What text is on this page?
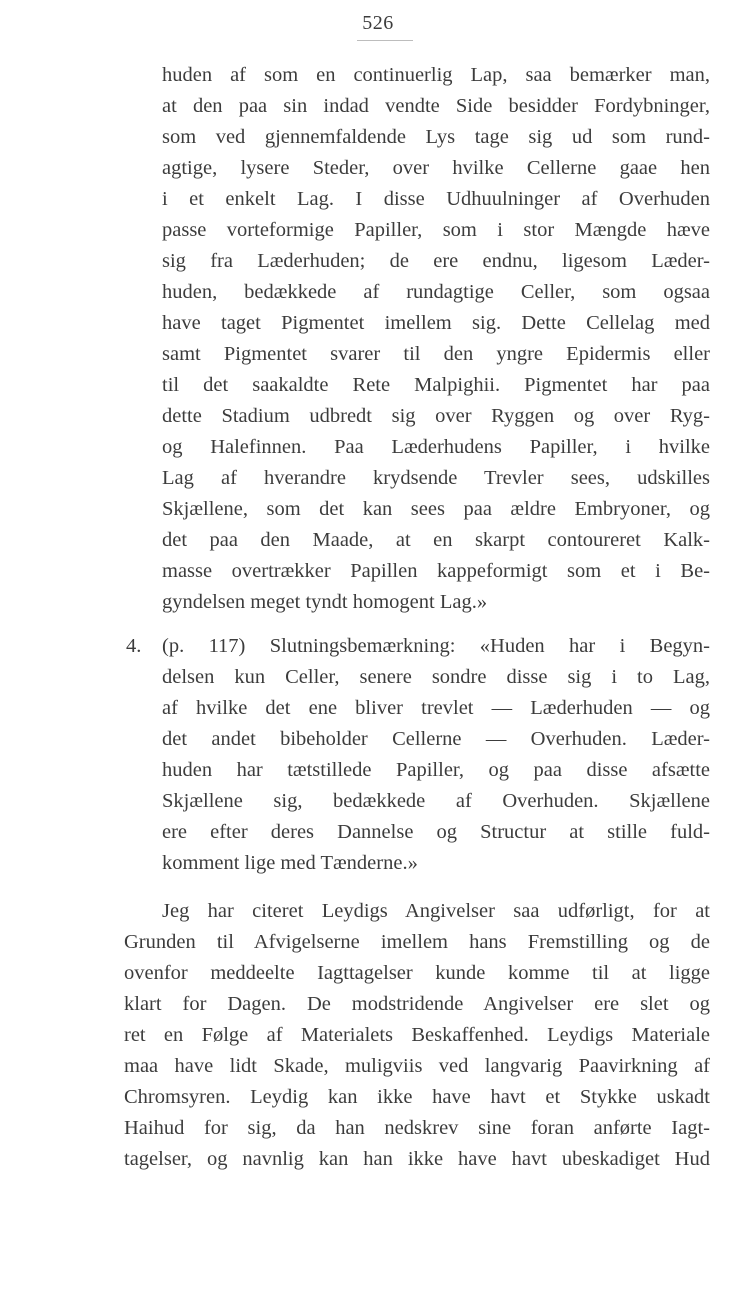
526
huden af som en continuerlig Lap, saa bemærker man,
at den paa sin indad vendte Side besidder Fordybninger,
som ved gjennemfaldende Lys tage sig ud som rund-
agtige, lysere Steder, over hvilke Cellerne gaae hen
i et enkelt Lag. I disse Udhuulninger af Overhuden
passe vorteformige Papiller, som i stor Mængde hæve
sig fra Læderhuden; de ere endnu, ligesom Læder-
huden, bedækkede af rundagtige Celler, som ogsaa
have taget Pigmentet imellem sig. Dette Cellelag med
samt Pigmentet svarer til den yngre Epidermis eller
til det saakaldte Rete Malpighii. Pigmentet har paa
dette Stadium udbredt sig over Ryggen og over Ryg-
og Halefinnen. Paa Læderhudens Papiller, i hvilke
Lag af hverandre krydsende Trevler sees, udskilles
Skjællene, som det kan sees paa ældre Embryoner, og
det paa den Maade, at en skarpt contoureret Kalk-
masse overtrækker Papillen kappeformigt som et i Be-
gyndelsen meget tyndt homogent Lag.»
4. (p. 117) Slutningsbemærkning: «Huden har i Begyn-
delsen kun Celler, senere sondre disse sig i to Lag,
af hvilke det ene bliver trevlet — Læderhuden — og
det andet bibeholder Cellerne — Overhuden. Læder-
huden har tætstillede Papiller, og paa disse afsætte
Skjællene sig, bedækkede af Overhuden. Skjællene
ere efter deres Dannelse og Structur at stille fuld-
komment lige med Tænderne.»
Jeg har citeret Leydigs Angivelser saa udførligt, for at
Grunden til Afvigelserne imellem hans Fremstilling og de
ovenfor meddeelte Iagttagelser kunde komme til at ligge
klart for Dagen. De modstridende Angivelser ere slet og
ret en Følge af Materialets Beskaffenhed. Leydigs Materiale
maa have lidt Skade, muligviis ved langvarig Paavirkning af
Chromsyren. Leydig kan ikke have havt et Stykke uskadt
Haihud for sig, da han nedskrev sine foran anførte Iagt-
tagelser, og navnlig kan han ikke have havt ubeskadiget Hud
